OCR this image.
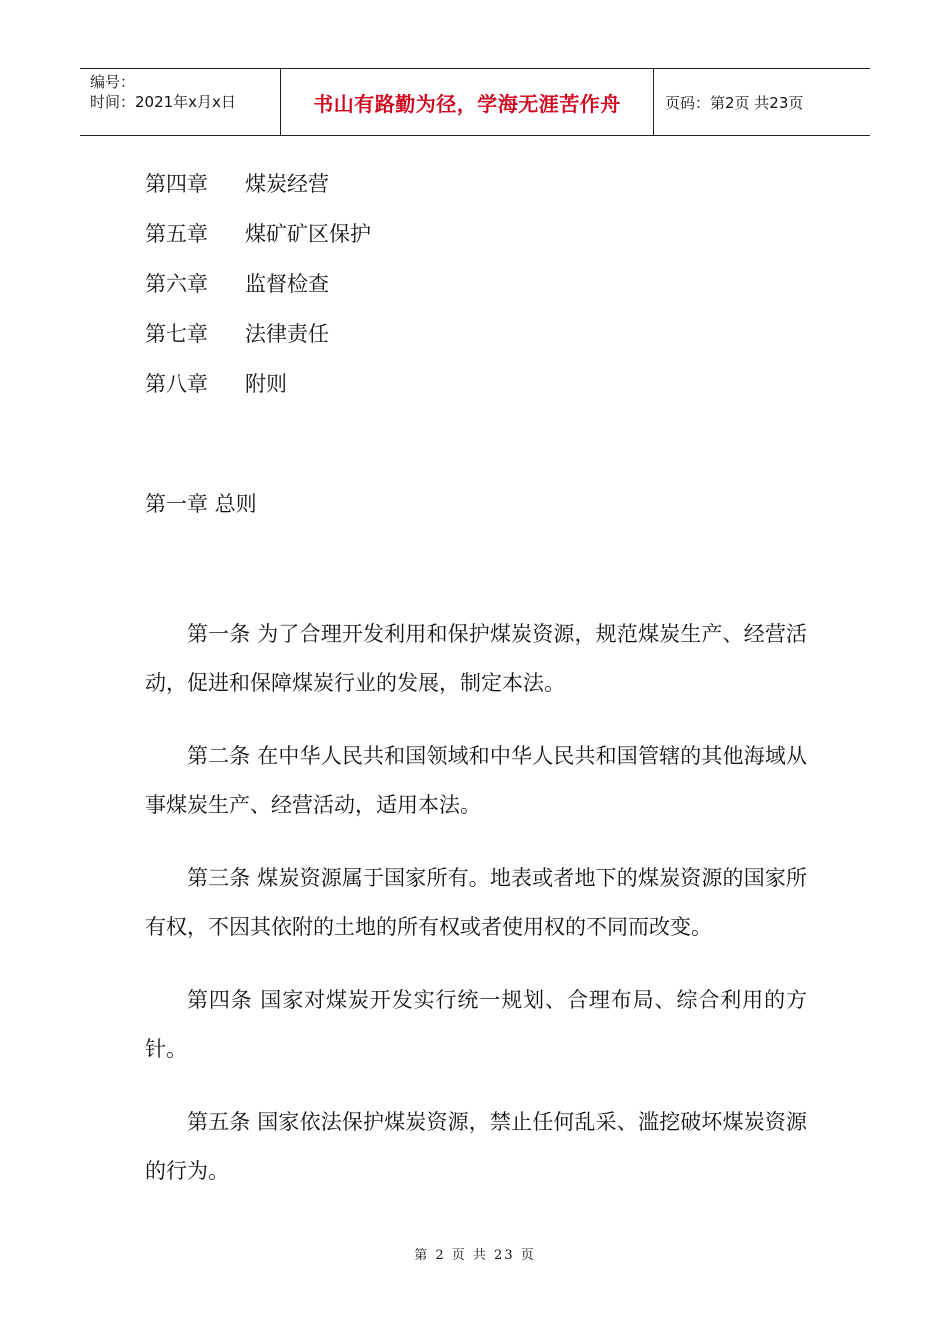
编号：
时间：2021年x月x日	书山有路勤为径，学海无涯苦作舟	页码：第2页 共23页
第四章	煤炭经营
第五章	煤矿矿区保护
第六章	监督检查
第七章	法律责任
第八章	附则
第一章 总则

第一条 为了合理开发利用和保护煤炭资源，规范煤炭生产、经营活动，促进和保障煤炭行业的发展，制定本法。

第二条 在中华人民共和国领域和中华人民共和国管辖的其他海域从事煤炭生产、经营活动，适用本法。

第三条 煤炭资源属于国家所有。地表或者地下的煤炭资源的国家所有权，不因其依附的土地的所有权或者使用权的不同而改变。

第四条 国家对煤炭开发实行统一规划、合理布局、综合利用的方针。

第五条 国家依法保护煤炭资源，禁止任何乱采、滥挖破坏煤炭资源的行为。

第 2 页 共 23 页
